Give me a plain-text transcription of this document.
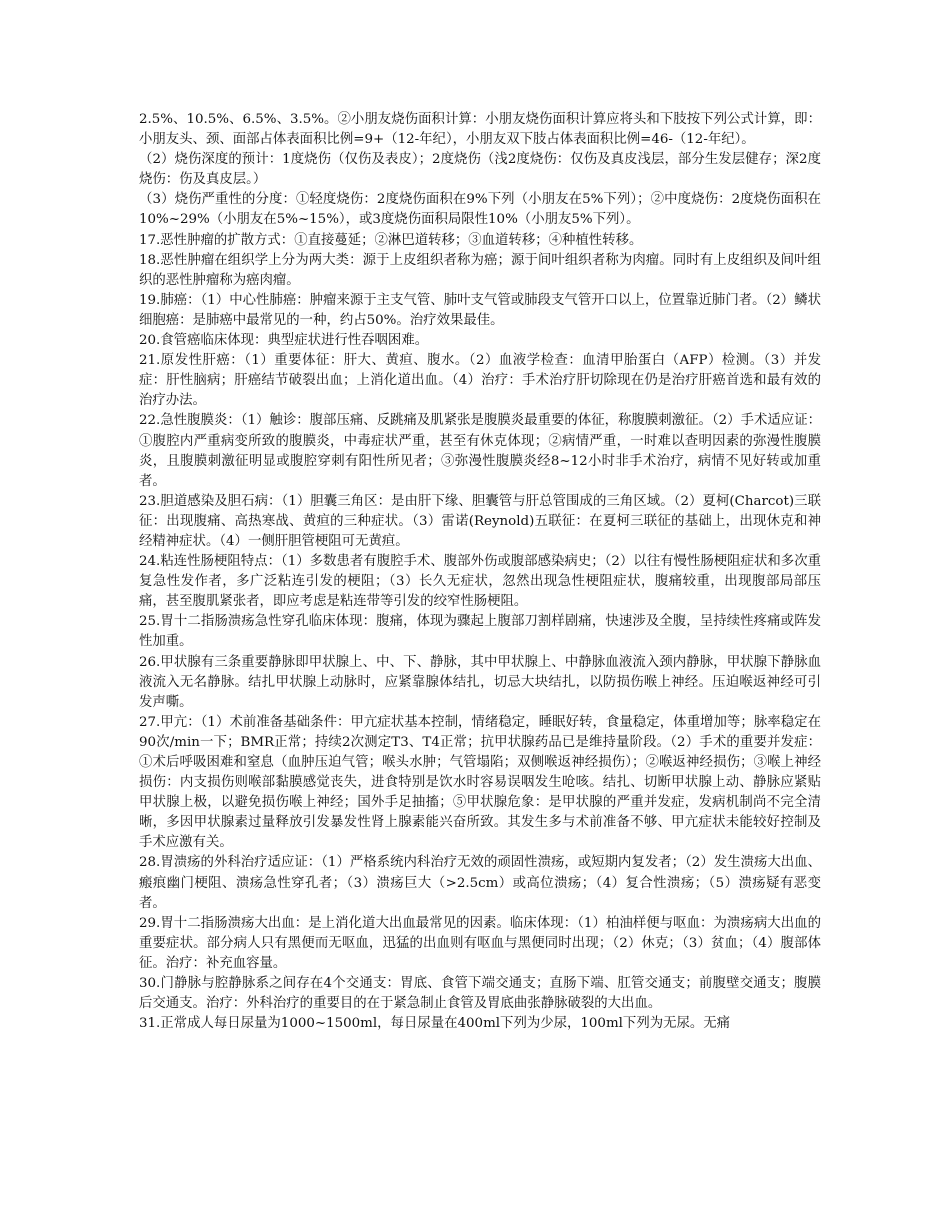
2.5%、10.5%、6.5%、3.5%。②小朋友烧伤面积计算：小朋友烧伤面积计算应将头和下肢按下列公式计算，即：小朋友头、颈、面部占体表面积比例=9+（12-年纪），小朋友双下肢占体表面积比例=46-（12-年纪）。

（2）烧伤深度的预计：1度烧伤（仅伤及表皮）；2度烧伤（浅2度烧伤：仅伤及真皮浅层，部分生发层健存；深2度烧伤：伤及真皮层。）

（3）烧伤严重性的分度：①轻度烧伤：2度烧伤面积在9%下列（小朋友在5%下列）；②中度烧伤：2度烧伤面积在10%~29%（小朋友在5%~15%），或3度烧伤面积局限性10%（小朋友5%下列）。

17.恶性肿瘤的扩散方式：①直接蔓延；②淋巴道转移；③血道转移；④种植性转移。

18.恶性肿瘤在组织学上分为两大类：源于上皮组织者称为癌；源于间叶组织者称为肉瘤。同时有上皮组织及间叶组织的恶性肿瘤称为癌肉瘤。

19.肺癌：（1）中心性肺癌：肿瘤来源于主支气管、肺叶支气管或肺段支气管开口以上，位置靠近肺门者。（2）鳞状细胞癌：是肺癌中最常见的一种，约占50%。治疗效果最佳。

20.食管癌临床体现：典型症状进行性吞咽困难。

21.原发性肝癌：（1）重要体征：肝大、黄疸、腹水。（2）血液学检查：血清甲胎蛋白（AFP）检测。（3）并发症：肝性脑病；肝癌结节破裂出血；上消化道出血。（4）治疗：手术治疗肝切除现在仍是治疗肝癌首选和最有效的治疗办法。

22.急性腹膜炎：（1）触诊：腹部压痛、反跳痛及肌紧张是腹膜炎最重要的体征，称腹膜刺激征。（2）手术适应证：①腹腔内严重病变所致的腹膜炎，中毒症状严重，甚至有休克体现；②病情严重，一时难以查明因素的弥漫性腹膜炎，且腹膜刺激征明显或腹腔穿刺有阳性所见者；③弥漫性腹膜炎经8~12小时非手术治疗，病情不见好转或加重者。

23.胆道感染及胆石病：（1）胆囊三角区：是由肝下缘、胆囊管与肝总管围成的三角区域。（2）夏柯(Charcot)三联征：出现腹痛、高热寒战、黄疸的三种症状。（3）雷诺(Reynold)五联征：在夏柯三联征的基础上，出现休克和神经精神症状。（4）一侧肝胆管梗阻可无黄疸。

24.粘连性肠梗阻特点：（1）多数患者有腹腔手术、腹部外伤或腹部感染病史；（2）以往有慢性肠梗阻症状和多次重复急性发作者，多广泛粘连引发的梗阻；（3）长久无症状，忽然出现急性梗阻症状，腹痛较重，出现腹部局部压痛，甚至腹肌紧张者，即应考虑是粘连带等引发的绞窄性肠梗阻。

25.胃十二指肠溃疡急性穿孔临床体现：腹痛，体现为骤起上腹部刀割样剧痛，快速涉及全腹，呈持续性疼痛或阵发性加重。

26.甲状腺有三条重要静脉即甲状腺上、中、下、静脉，其中甲状腺上、中静脉血液流入颈内静脉，甲状腺下静脉血液流入无名静脉。结扎甲状腺上动脉时，应紧靠腺体结扎，切忌大块结扎，以防损伤喉上神经。压迫喉返神经可引发声嘶。

27.甲亢：（1）术前准备基础条件：甲亢症状基本控制，情绪稳定，睡眠好转，食量稳定，体重增加等；脉率稳定在90次/min一下；BMR正常；持续2次测定T3、T4正常；抗甲状腺药品已是维持量阶段。（2）手术的重要并发症：①术后呼吸困难和窒息（血肿压迫气管；喉头水肿；气管塌陷；双侧喉返神经损伤）；②喉返神经损伤；③喉上神经损伤：内支损伤则喉部黏膜感觉丧失，进食特别是饮水时容易误咽发生呛咳。结扎、切断甲状腺上动、静脉应紧贴甲状腺上极，以避免损伤喉上神经；国外手足抽搐；⑤甲状腺危象：是甲状腺的严重并发症，发病机制尚不完全清晰，多因甲状腺素过量释放引发暴发性肾上腺素能兴奋所致。其发生多与术前准备不够、甲亢症状未能较好控制及手术应激有关。

28.胃溃疡的外科治疗适应证：（1）严格系统内科治疗无效的顽固性溃疡，或短期内复发者；（2）发生溃疡大出血、瘢痕幽门梗阻、溃疡急性穿孔者；（3）溃疡巨大（>2.5cm）或高位溃疡；（4）复合性溃疡；（5）溃疡疑有恶变者。

29.胃十二指肠溃疡大出血：是上消化道大出血最常见的因素。临床体现：（1）柏油样便与呕血：为溃疡病大出血的重要症状。部分病人只有黑便而无呕血，迅猛的出血则有呕血与黑便同时出现；（2）休克；（3）贫血；（4）腹部体征。治疗：补充血容量。

30.门静脉与腔静脉系之间存在4个交通支：胃底、食管下端交通支；直肠下端、肛管交通支；前腹壁交通支；腹膜后交通支。治疗：外科治疗的重要目的在于紧急制止食管及胃底曲张静脉破裂的大出血。

31.正常成人每日尿量为1000~1500ml，每日尿量在400ml下列为少尿，100ml下列为无尿。无痛
